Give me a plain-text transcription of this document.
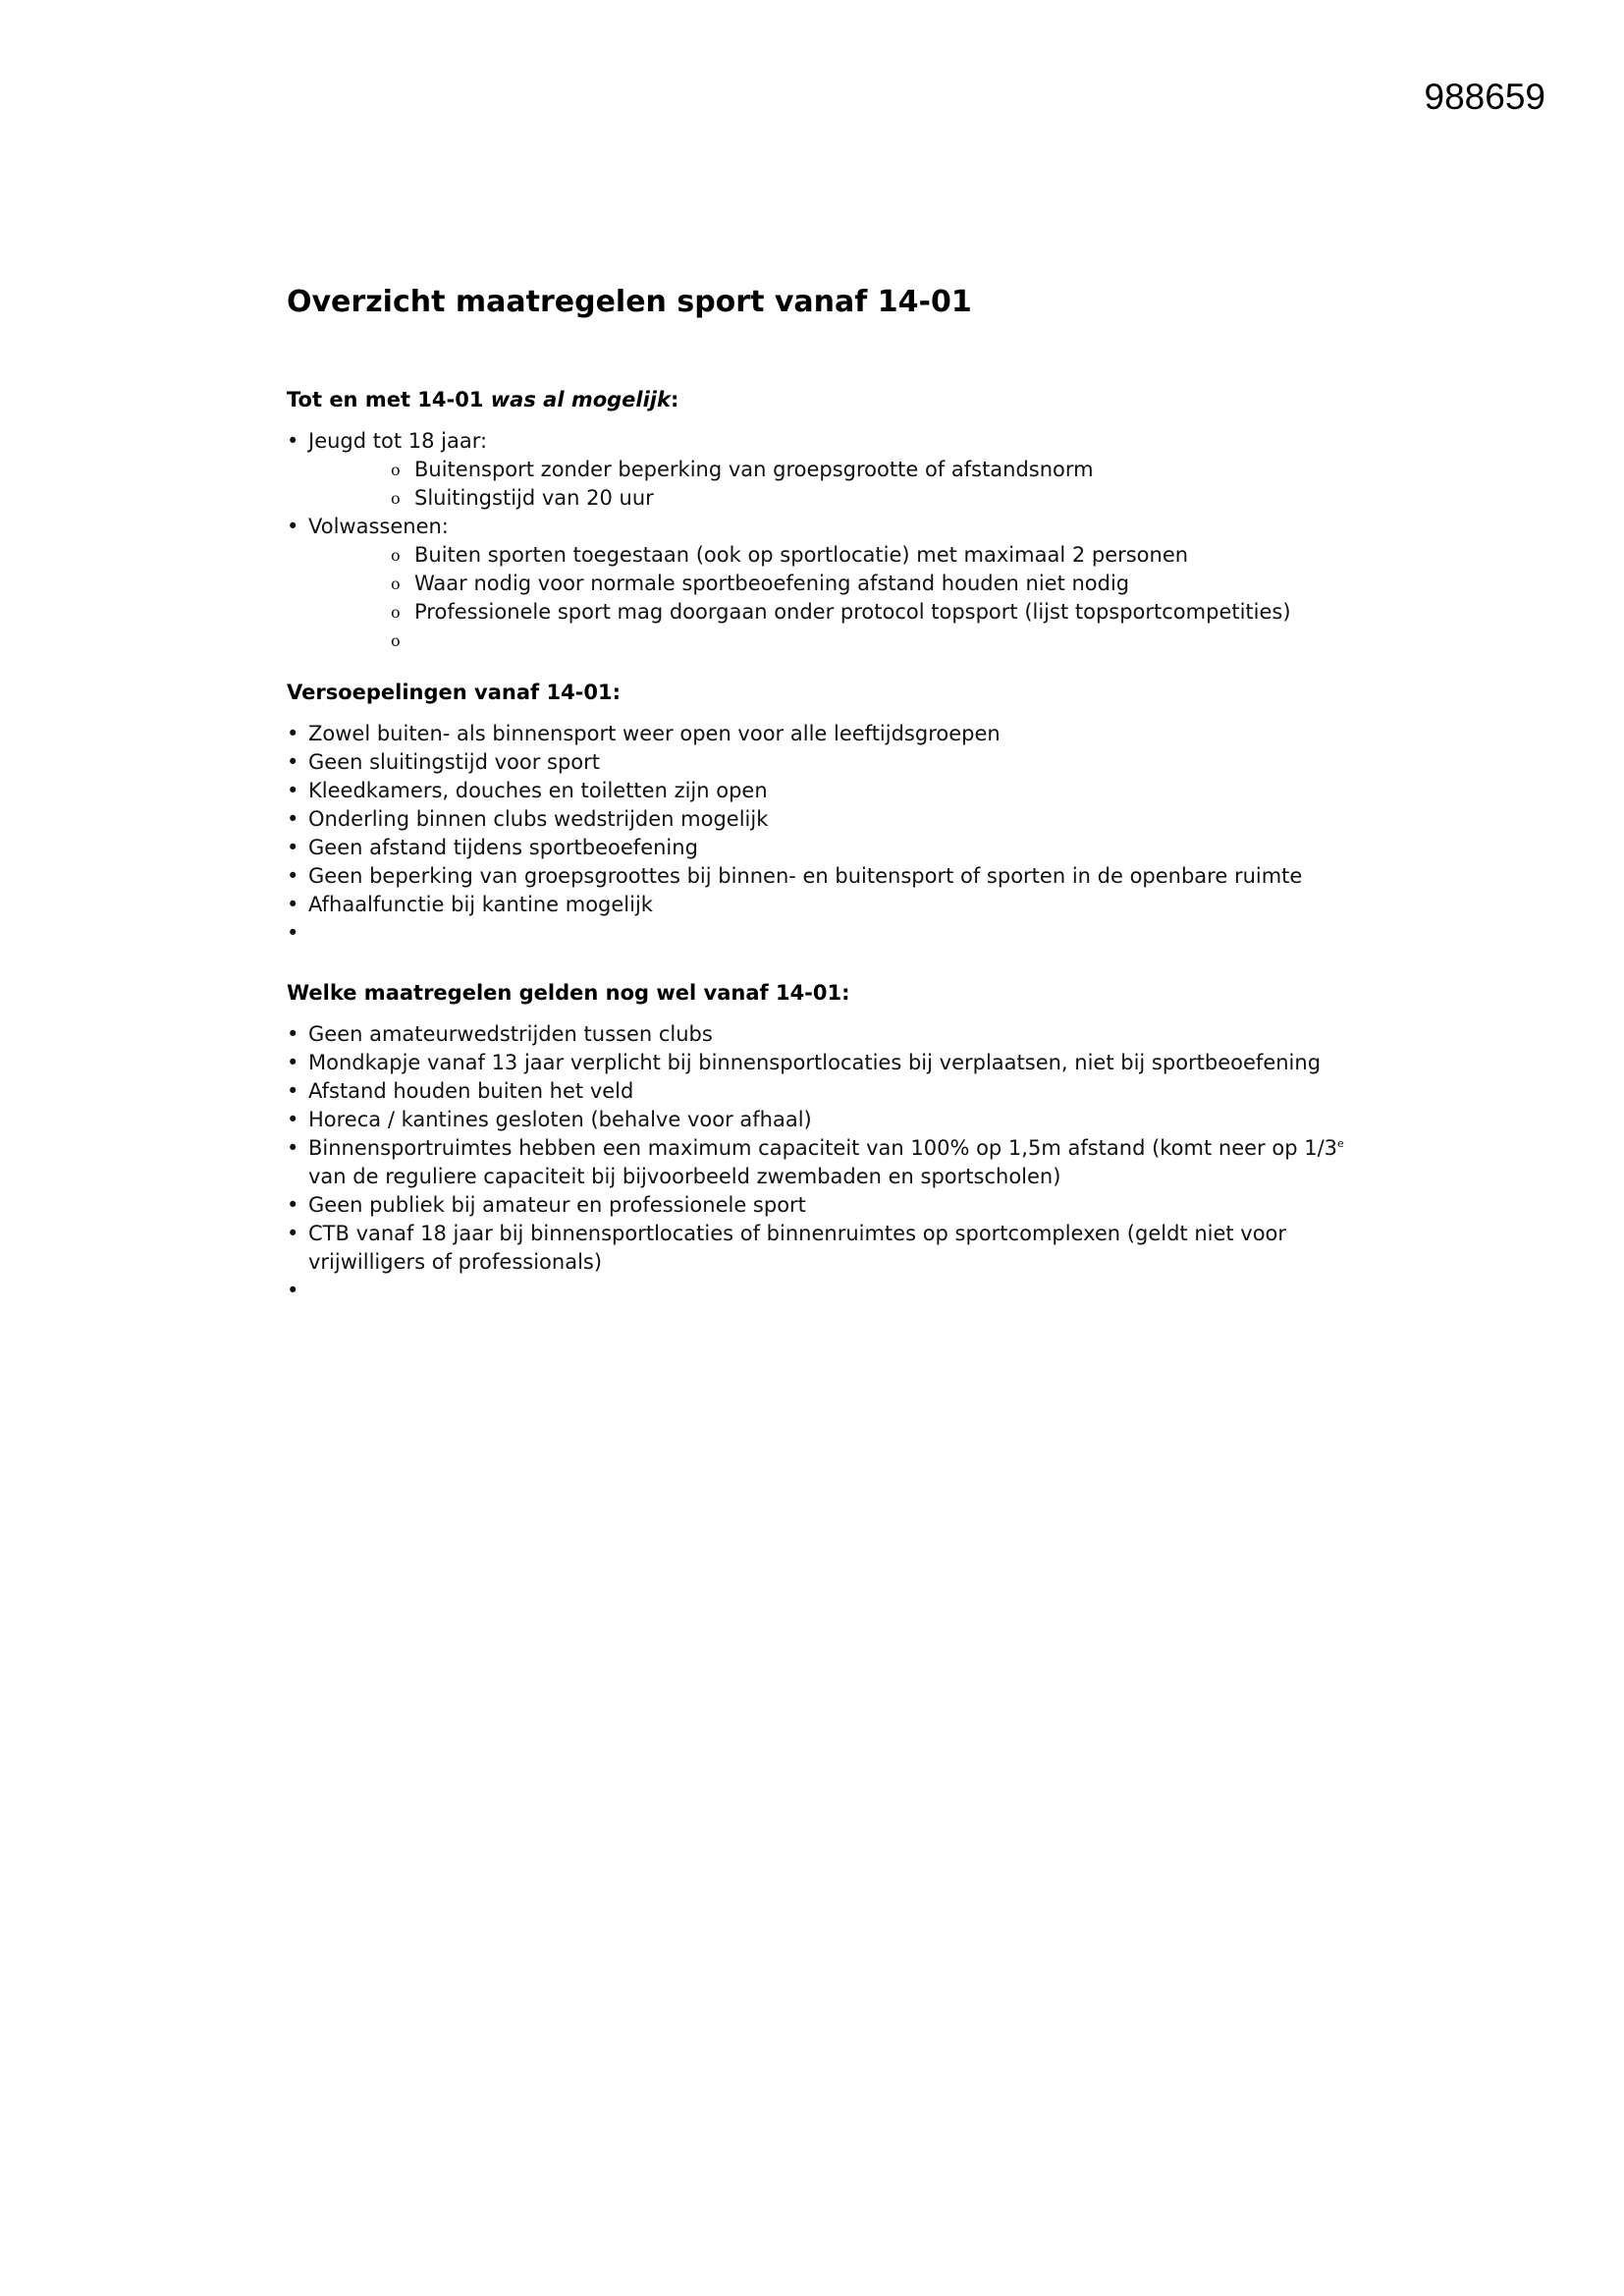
988659
Overzicht maatregelen sport vanaf 14-01

Tot en met 14-01 was al mogelijk:

• Jeugd tot 18 jaar:
o Buitensport zonder beperking van groepsgrootte of afstandsnorm
o Sluitingstijd van 20 uur
• Volwassenen:
o Buiten sporten toegestaan (ook op sportlocatie) met maximaal 2 personen
o Waar nodig voor normale sportbeoefening afstand houden niet nodig
o Professionele sport mag doorgaan onder protocol topsport (lijst topsportcompetities)
o

Versoepelingen vanaf 14-01:

• Zowel buiten- als binnensport weer open voor alle leeftijdsgroepen
• Geen sluitingstijd voor sport
• Kleedkamers, douches en toiletten zijn open
• Onderling binnen clubs wedstrijden mogelijk
• Geen afstand tijdens sportbeoefening
• Geen beperking van groepsgroottes bij binnen- en buitensport of sporten in de openbare ruimte
• Afhaalfunctie bij kantine mogelijk
•

Welke maatregelen gelden nog wel vanaf 14-01:

• Geen amateurwedstrijden tussen clubs
• Mondkapje vanaf 13 jaar verplicht bij binnensportlocaties bij verplaatsen, niet bij sportbeoefening
• Afstand houden buiten het veld
• Horeca / kantines gesloten (behalve voor afhaal)
• Binnensportruimtes hebben een maximum capaciteit van 100% op 1,5m afstand (komt neer op 1/3e van de reguliere capaciteit bij bijvoorbeeld zwembaden en sportscholen)
• Geen publiek bij amateur en professionele sport
• CTB vanaf 18 jaar bij binnensportlocaties of binnenruimtes op sportcomplexen (geldt niet voor vrijwilligers of professionals)
•
